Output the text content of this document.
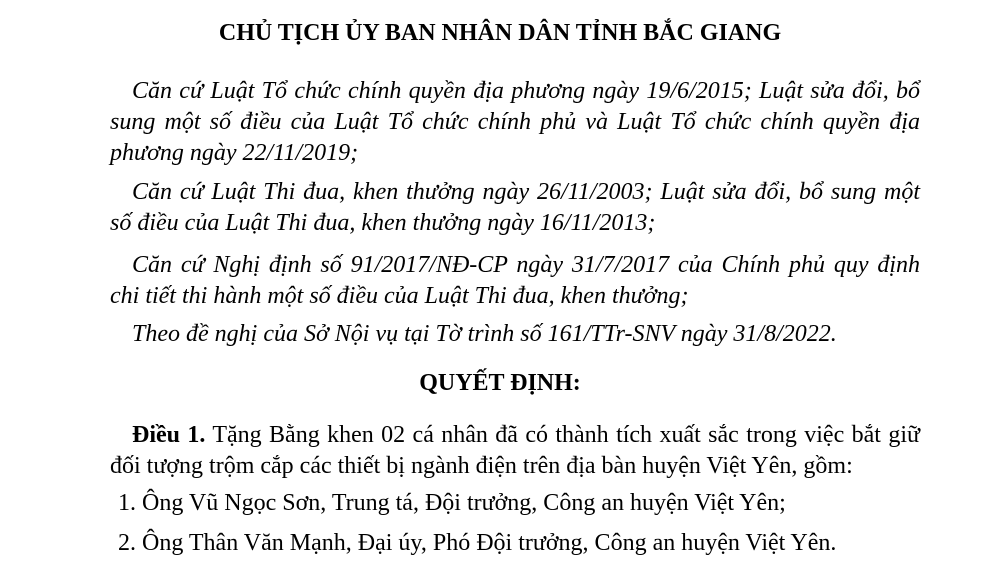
CHỦ TỊCH ỦY BAN NHÂN DÂN TỈNH BẮC GIANG
Căn cứ Luật Tổ chức chính quyền địa phương ngày 19/6/2015; Luật sửa đổi, bổ sung một số điều của Luật Tổ chức chính phủ và Luật Tổ chức chính quyền địa phương ngày 22/11/2019;
Căn cứ Luật Thi đua, khen thưởng ngày 26/11/2003; Luật sửa đổi, bổ sung một số điều của Luật Thi đua, khen thưởng ngày 16/11/2013;
Căn cứ Nghị định số 91/2017/NĐ-CP ngày 31/7/2017 của Chính phủ quy định chi tiết thi hành một số điều của Luật Thi đua, khen thưởng;
Theo đề nghị của Sở Nội vụ tại Tờ trình số 161/TTr-SNV ngày 31/8/2022.
QUYẾT ĐỊNH:
Điều 1. Tặng Bằng khen 02 cá nhân đã có thành tích xuất sắc trong việc bắt giữ đối tượng trộm cắp các thiết bị ngành điện trên địa bàn huyện Việt Yên, gồm:
1. Ông Vũ Ngọc Sơn, Trung tá, Đội trưởng, Công an huyện Việt Yên;
2. Ông Thân Văn Mạnh, Đại úy, Phó Đội trưởng, Công an huyện Việt Yên.
